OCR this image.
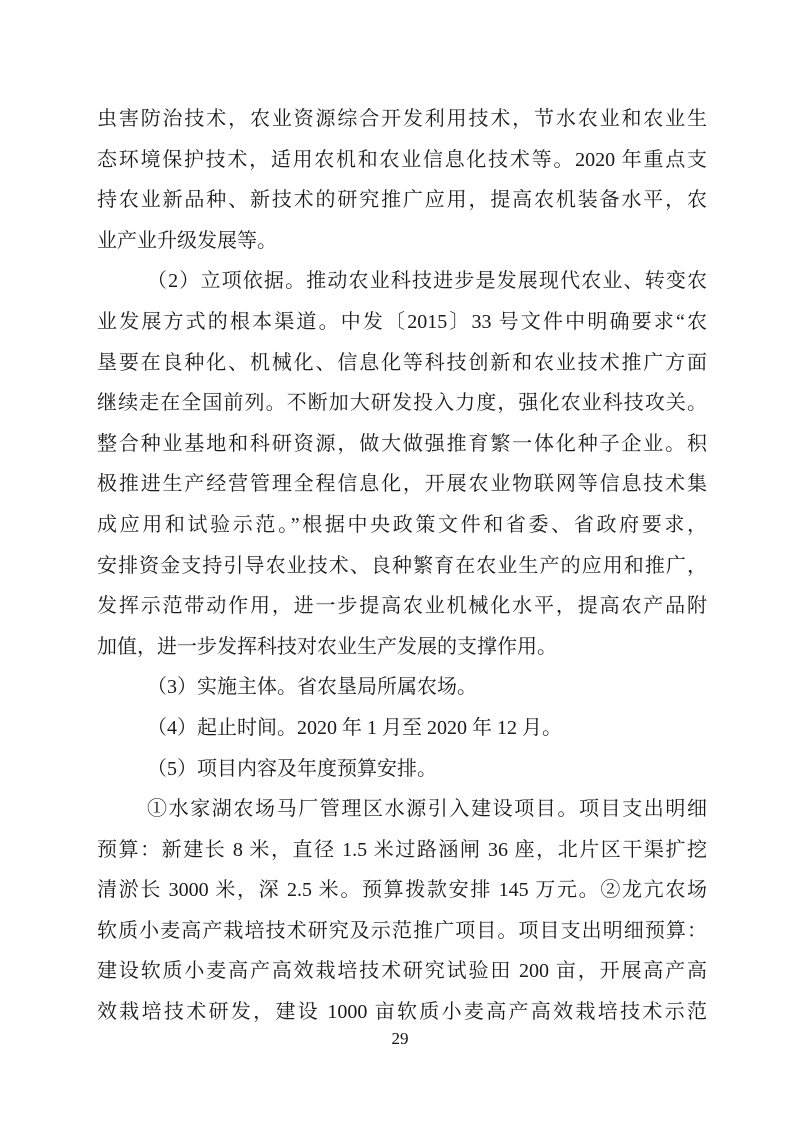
虫害防治技术，农业资源综合开发利用技术，节水农业和农业生
态环境保护技术，适用农机和农业信息化技术等。2020 年重点支
持农业新品种、新技术的研究推广应用，提高农机装备水平，农
业产业升级发展等。
（2）立项依据。推动农业科技进步是发展现代农业、转变农
业发展方式的根本渠道。中发〔2015〕33 号文件中明确要求“农
垦要在良种化、机械化、信息化等科技创新和农业技术推广方面
继续走在全国前列。不断加大研发投入力度，强化农业科技攻关。
整合种业基地和科研资源，做大做强推育繁一体化种子企业。积
极推进生产经营管理全程信息化，开展农业物联网等信息技术集
成应用和试验示范。”根据中央政策文件和省委、省政府要求，
安排资金支持引导农业技术、良种繁育在农业生产的应用和推广，
发挥示范带动作用，进一步提高农业机械化水平，提高农产品附
加值，进一步发挥科技对农业生产发展的支撑作用。
（3）实施主体。省农垦局所属农场。
（4）起止时间。2020 年 1 月至 2020 年 12 月。
（5）项目内容及年度预算安排。
①水家湖农场马厂管理区水源引入建设项目。项目支出明细
预算：新建长 8 米，直径 1.5 米过路涵闸 36 座，北片区干渠扩挖
清淤长 3000 米，深 2.5 米。预算拨款安排 145 万元。②龙亢农场
软质小麦高产栽培技术研究及示范推广项目。项目支出明细预算：
建设软质小麦高产高效栽培技术研究试验田 200 亩，开展高产高
效栽培技术研发，建设 1000 亩软质小麦高产高效栽培技术示范
29
